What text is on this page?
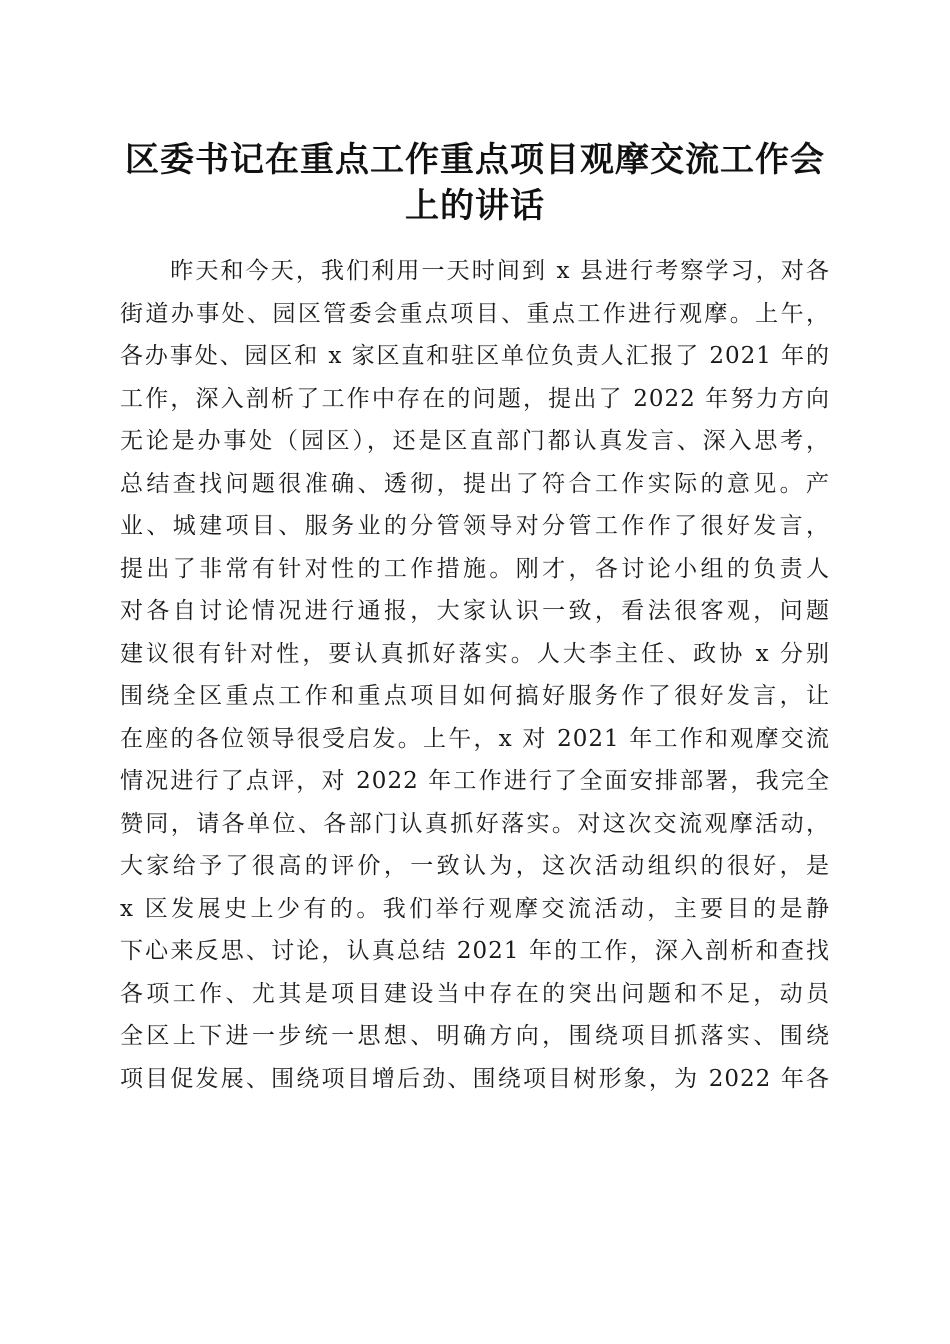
区委书记在重点工作重点项目观摩交流工作会
上的讲话
　　昨天和今天，我们利用一天时间到 x 县进行考察学习，对各
街道办事处、园区管委会重点项目、重点工作进行观摩。上午，
各办事处、园区和 x 家区直和驻区单位负责人汇报了 2021 年的
工作，深入剖析了工作中存在的问题，提出了 2022 年努力方向
无论是办事处（园区），还是区直部门都认真发言、深入思考，
总结查找问题很准确、透彻，提出了符合工作实际的意见。产
业、城建项目、服务业的分管领导对分管工作作了很好发言，
提出了非常有针对性的工作措施。刚才，各讨论小组的负责人
对各自讨论情况进行通报，大家认识一致，看法很客观，问题
建议很有针对性，要认真抓好落实。人大李主任、政协 x 分别
围绕全区重点工作和重点项目如何搞好服务作了很好发言，让
在座的各位领导很受启发。上午，x 对 2021 年工作和观摩交流
情况进行了点评，对 2022 年工作进行了全面安排部署，我完全
赞同，请各单位、各部门认真抓好落实。对这次交流观摩活动，
大家给予了很高的评价，一致认为，这次活动组织的很好，是
x 区发展史上少有的。我们举行观摩交流活动，主要目的是静
下心来反思、讨论，认真总结 2021 年的工作，深入剖析和查找
各项工作、尤其是项目建设当中存在的突出问题和不足，动员
全区上下进一步统一思想、明确方向，围绕项目抓落实、围绕
项目促发展、围绕项目增后劲、围绕项目树形象，为 2022 年各
